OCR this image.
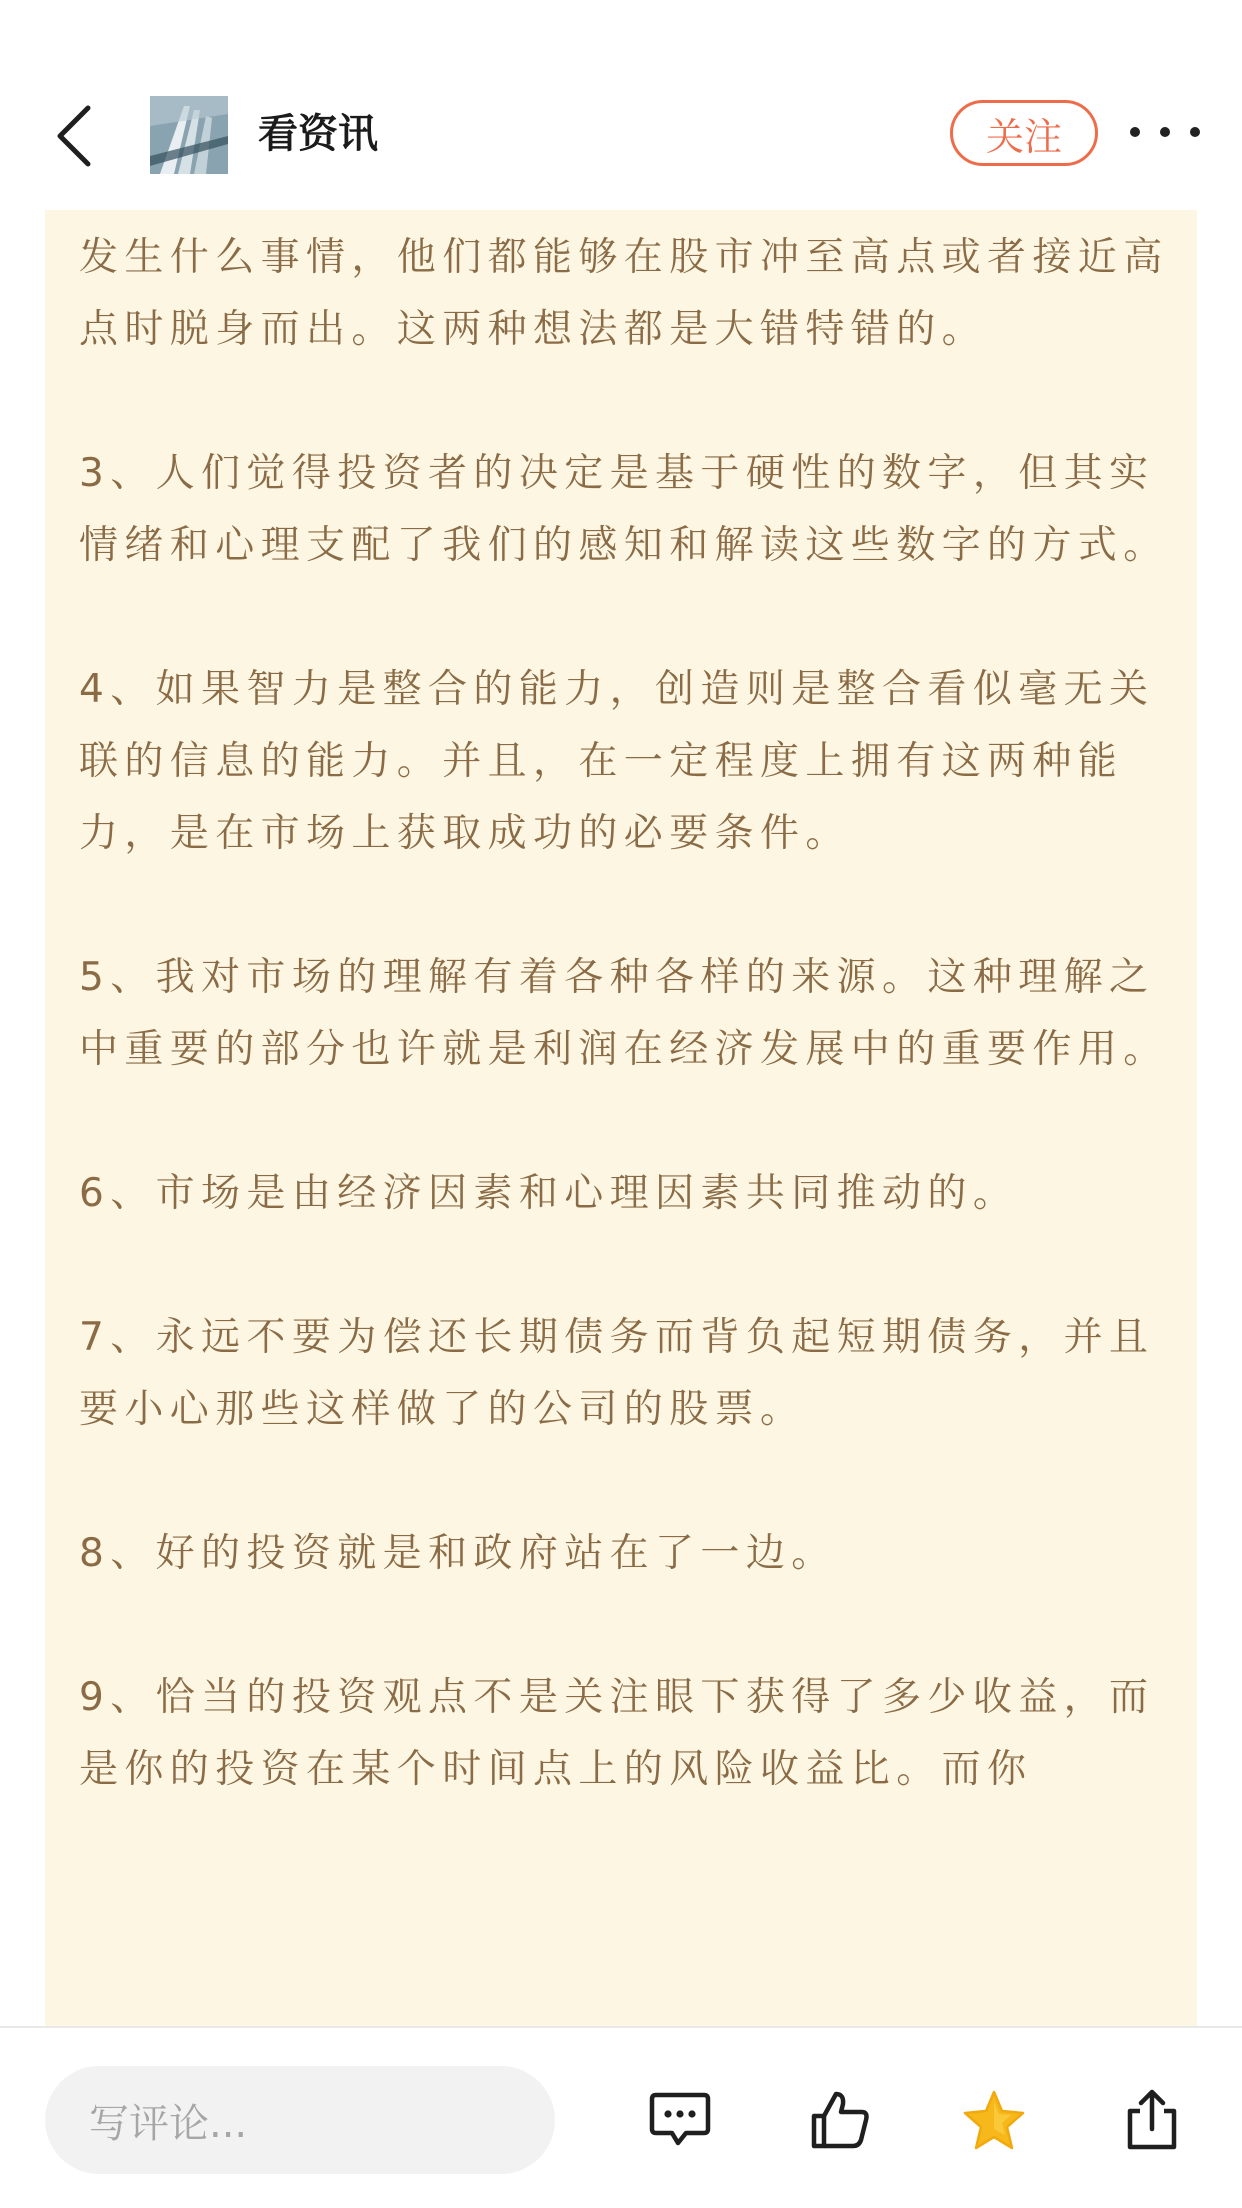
发生什么事情，他们都能够在股市冲至高点或者接近高点时脱身而出。这两种想法都是大错特错的。

3、人们觉得投资者的决定是基于硬性的数字，但其实情绪和心理支配了我们的感知和解读这些数字的方式。

4、如果智力是整合的能力，创造则是整合看似毫无关联的信息的能力。并且，在一定程度上拥有这两种能力，是在市场上获取成功的必要条件。

5、我对市场的理解有着各种各样的来源。这种理解之中重要的部分也许就是利润在经济发展中的重要作用。

6、市场是由经济因素和心理因素共同推动的。

7、永远不要为偿还长期债务而背负起短期债务，并且要小心那些这样做了的公司的股票。

8、好的投资就是和政府站在了一边。

9、恰当的投资观点不是关注眼下获得了多少收益，而是你的投资在某个时间点上的风险收益比。而你

看资讯	关注
写评论...
